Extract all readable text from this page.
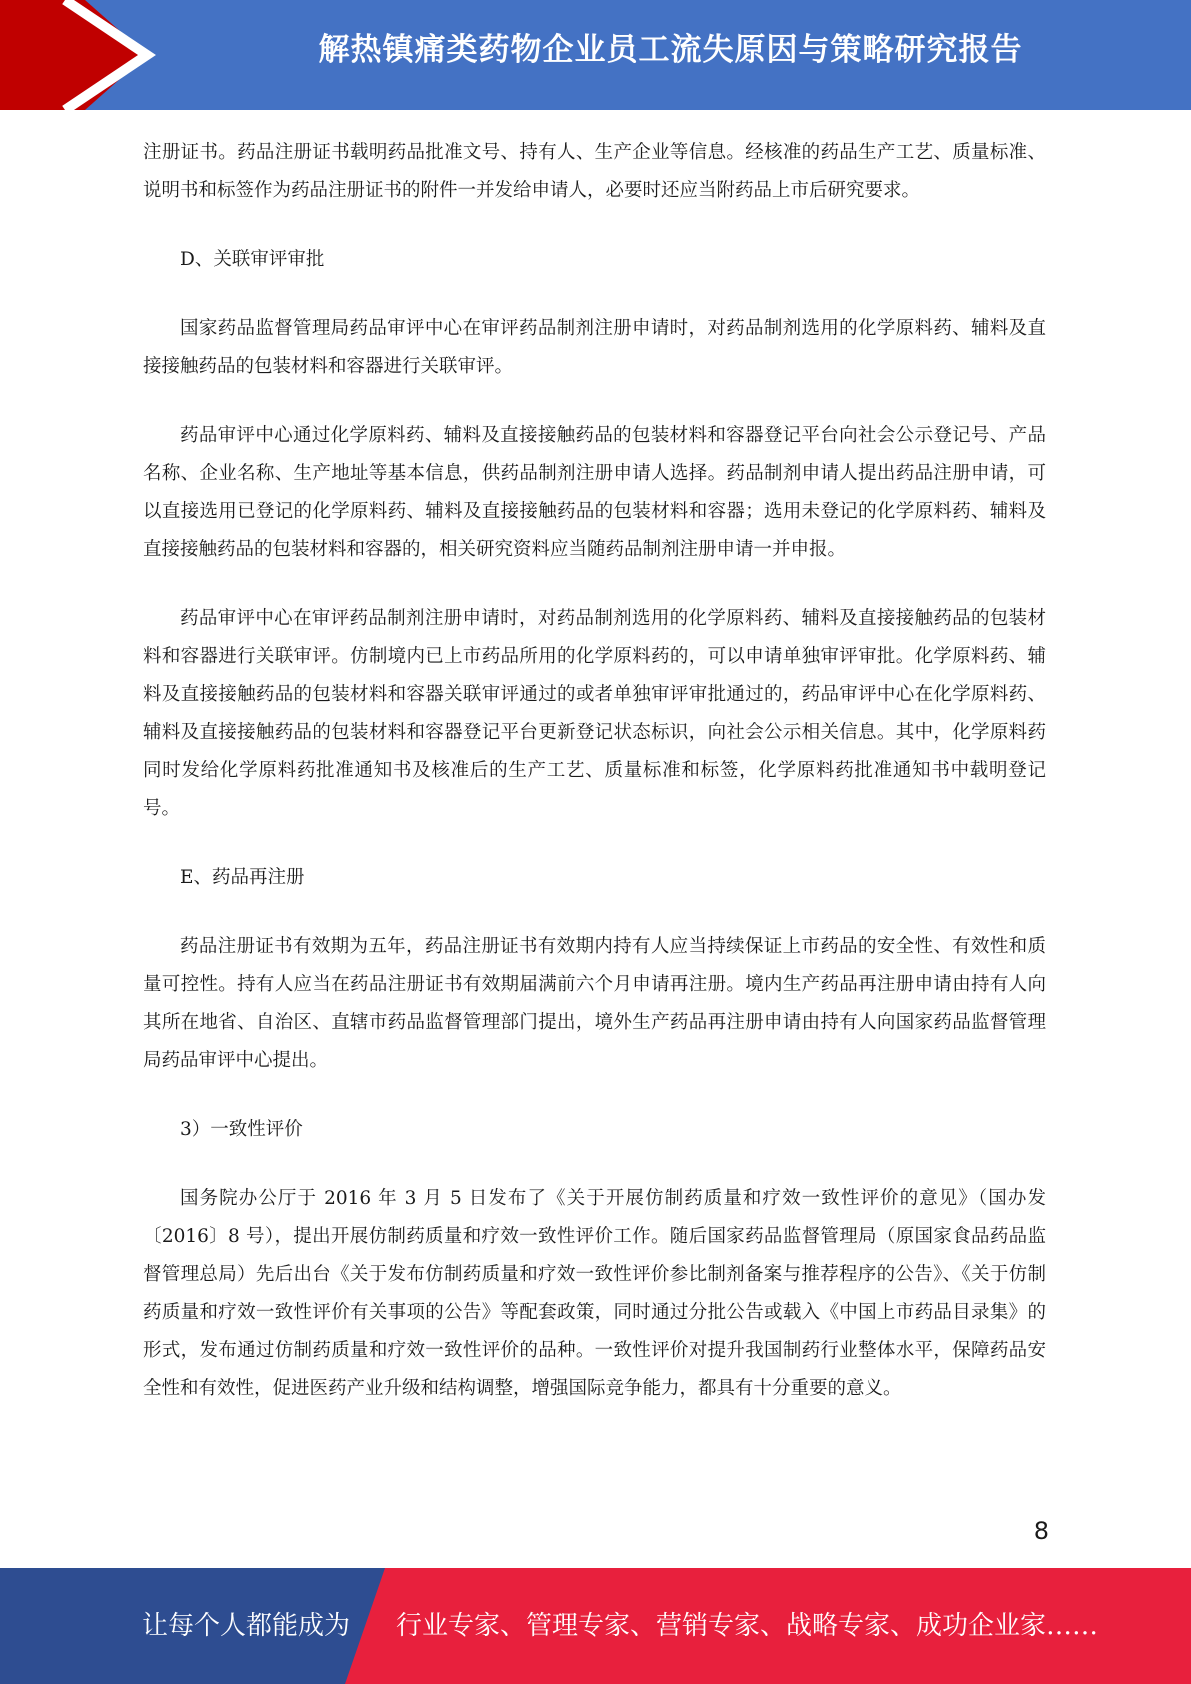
解热镇痛类药物企业员工流失原因与策略研究报告

注册证书。药品注册证书载明药品批准文号、持有人、生产企业等信息。经核准的药品生产工艺、质量标准、说明书和标签作为药品注册证书的附件一并发给申请人，必要时还应当附药品上市后研究要求。

D、关联审评审批

国家药品监督管理局药品审评中心在审评药品制剂注册申请时，对药品制剂选用的化学原料药、辅料及直接接触药品的包装材料和容器进行关联审评。

药品审评中心通过化学原料药、辅料及直接接触药品的包装材料和容器登记平台向社会公示登记号、产品名称、企业名称、生产地址等基本信息，供药品制剂注册申请人选择。药品制剂申请人提出药品注册申请，可以直接选用已登记的化学原料药、辅料及直接接触药品的包装材料和容器；选用未登记的化学原料药、辅料及直接接触药品的包装材料和容器的，相关研究资料应当随药品制剂注册申请一并申报。

药品审评中心在审评药品制剂注册申请时，对药品制剂选用的化学原料药、辅料及直接接触药品的包装材料和容器进行关联审评。仿制境内已上市药品所用的化学原料药的，可以申请单独审评审批。化学原料药、辅料及直接接触药品的包装材料和容器关联审评通过的或者单独审评审批通过的，药品审评中心在化学原料药、辅料及直接接触药品的包装材料和容器登记平台更新登记状态标识，向社会公示相关信息。其中，化学原料药同时发给化学原料药批准通知书及核准后的生产工艺、质量标准和标签，化学原料药批准通知书中载明登记号。

E、药品再注册

药品注册证书有效期为五年，药品注册证书有效期内持有人应当持续保证上市药品的安全性、有效性和质量可控性。持有人应当在药品注册证书有效期届满前六个月申请再注册。境内生产药品再注册申请由持有人向其所在地省、自治区、直辖市药品监督管理部门提出，境外生产药品再注册申请由持有人向国家药品监督管理局药品审评中心提出。

3）一致性评价

国务院办公厅于 2016 年 3 月 5 日发布了《关于开展仿制药质量和疗效一致性评价的意见》（国办发〔2016〕8 号），提出开展仿制药质量和疗效一致性评价工作。随后国家药品监督管理局（原国家食品药品监督管理总局）先后出台《关于发布仿制药质量和疗效一致性评价参比制剂备案与推荐程序的公告》、《关于仿制药质量和疗效一致性评价有关事项的公告》等配套政策，同时通过分批公告或载入《中国上市药品目录集》的形式，发布通过仿制药质量和疗效一致性评价的品种。一致性评价对提升我国制药行业整体水平，保障药品安全性和有效性，促进医药产业升级和结构调整，增强国际竞争能力，都具有十分重要的意义。

8
让每个人都能成为 行业专家、管理专家、营销专家、战略专家、成功企业家……
